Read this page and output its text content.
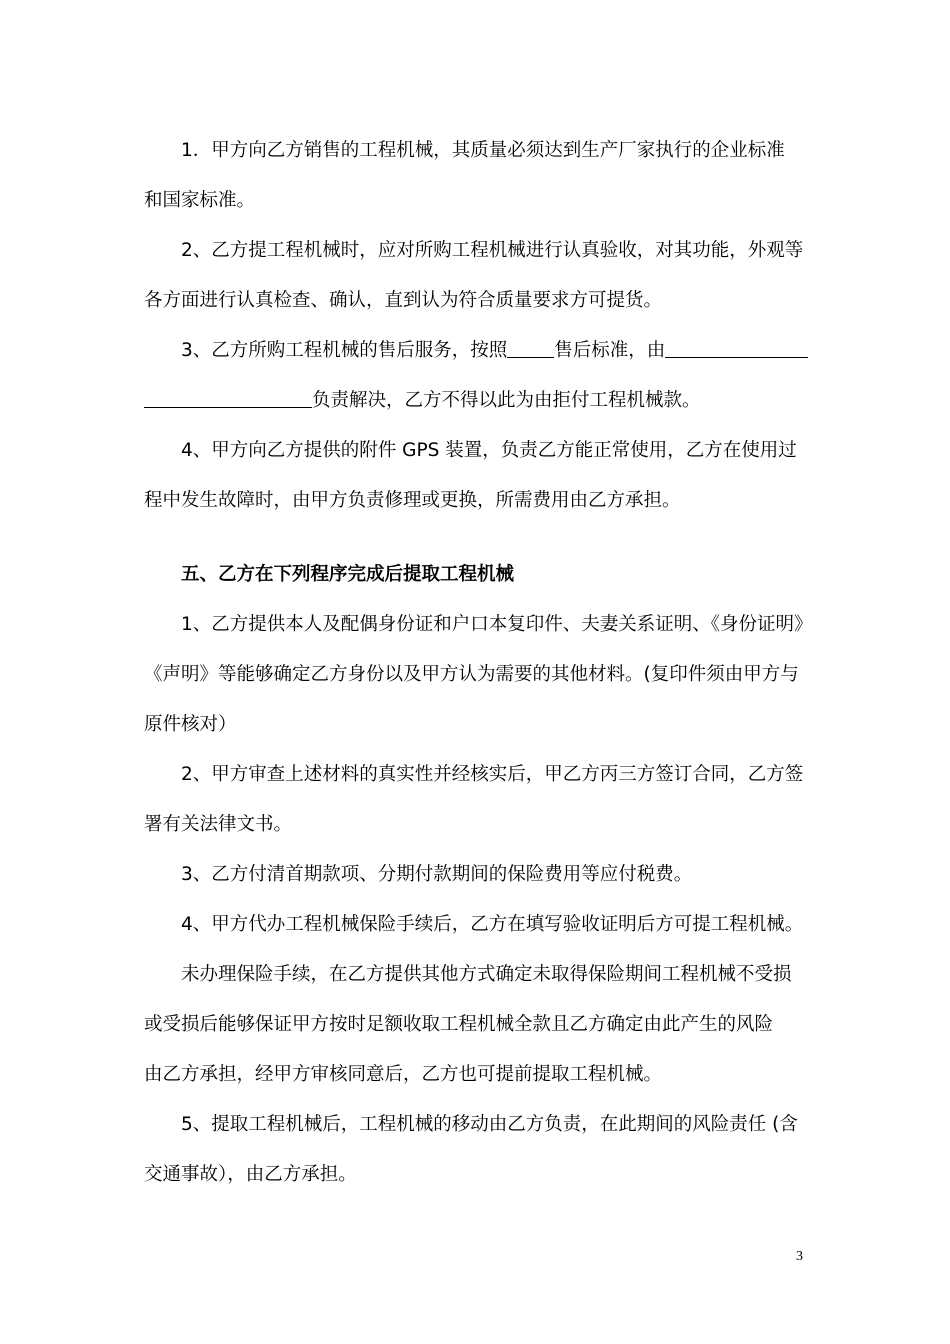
1．甲方向乙方销售的工程机械，其质量必须达到生产厂家执行的企业标准
和国家标准。
2、乙方提工程机械时，应对所购工程机械进行认真验收，对其功能，外观等
各方面进行认真检查、确认，直到认为符合质量要求方可提货。
3、乙方所购工程机械的售后服务，按照	售后标准，由
负责解决，乙方不得以此为由拒付工程机械款。
4、甲方向乙方提供的附件 GPS 装置，负责乙方能正常使用，乙方在使用过
程中发生故障时，由甲方负责修理或更换，所需费用由乙方承担。
五、乙方在下列程序完成后提取工程机械
1、乙方提供本人及配偶身份证和户口本复印件、夫妻关系证明、《身份证明》
《声明》等能够确定乙方身份以及甲方认为需要的其他材料。(复印件须由甲方与
原件核对）
2、甲方审查上述材料的真实性并经核实后，甲乙方丙三方签订合同，乙方签
署有关法律文书。
3、乙方付清首期款项、分期付款期间的保险费用等应付税费。
4、甲方代办工程机械保险手续后，乙方在填写验收证明后方可提工程机械。
未办理保险手续，在乙方提供其他方式确定未取得保险期间工程机械不受损
或受损后能够保证甲方按时足额收取工程机械全款且乙方确定由此产生的风险
由乙方承担，经甲方审核同意后，乙方也可提前提取工程机械。
5、提取工程机械后，工程机械的移动由乙方负责，在此期间的风险责任 (含
交通事故），由乙方承担。
3
